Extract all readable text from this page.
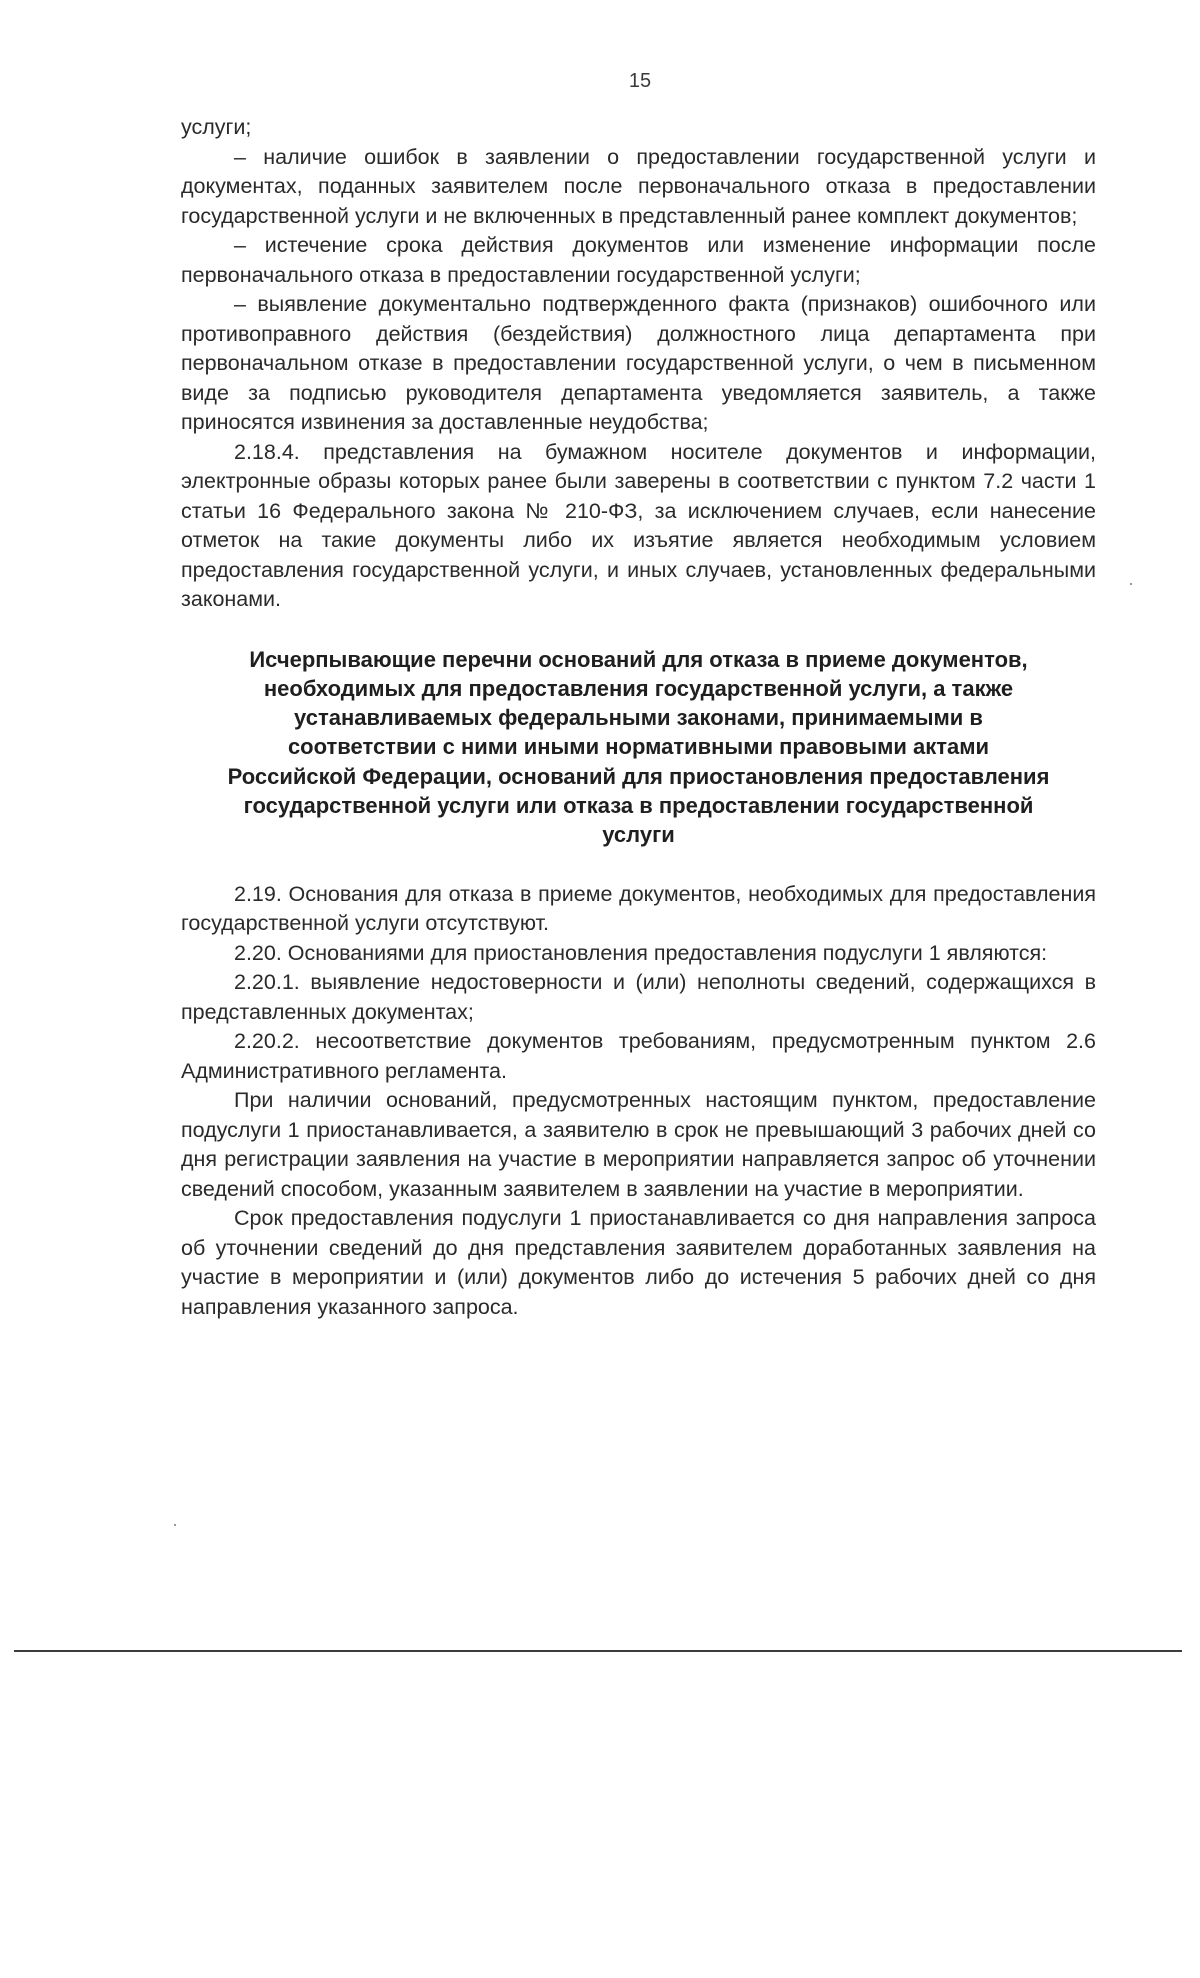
15

услуги;

– наличие ошибок в заявлении о предоставлении государственной услуги и документах, поданных заявителем после первоначального отказа в предоставлении государственной услуги и не включенных в представленный ранее комплект документов;

– истечение срока действия документов или изменение информации после первоначального отказа в предоставлении государственной услуги;

– выявление документально подтвержденного факта (признаков) ошибочного или противоправного действия (бездействия) должностного лица департамента при первоначальном отказе в предоставлении государственной услуги, о чем в письменном виде за подписью руководителя департамента уведомляется заявитель, а также приносятся извинения за доставленные неудобства;

2.18.4. представления на бумажном носителе документов и информации, электронные образы которых ранее были заверены в соответствии с пунктом 7.2 части 1 статьи 16 Федерального закона № 210-ФЗ, за исключением случаев, если нанесение отметок на такие документы либо их изъятие является необходимым условием предоставления государственной услуги, и иных случаев, установленных федеральными законами.

Исчерпывающие перечни оснований для отказа в приеме документов, необходимых для предоставления государственной услуги, а также устанавливаемых федеральными законами, принимаемыми в соответствии с ними иными нормативными правовыми актами Российской Федерации, оснований для приостановления предоставления государственной услуги или отказа в предоставлении государственной услуги

2.19. Основания для отказа в приеме документов, необходимых для предоставления государственной услуги отсутствуют.

2.20. Основаниями для приостановления предоставления подуслуги 1 являются:

2.20.1. выявление недостоверности и (или) неполноты сведений, содержащихся в представленных документах;

2.20.2. несоответствие документов требованиям, предусмотренным пунктом 2.6 Административного регламента.

При наличии оснований, предусмотренных настоящим пунктом, предоставление подуслуги 1 приостанавливается, а заявителю в срок не превышающий 3 рабочих дней со дня регистрации заявления на участие в мероприятии направляется запрос об уточнении сведений способом, указанным заявителем в заявлении на участие в мероприятии.

Срок предоставления подуслуги 1 приостанавливается со дня направления запроса об уточнении сведений до дня представления заявителем доработанных заявления на участие в мероприятии и (или) документов либо до истечения 5 рабочих дней со дня направления указанного запроса.
